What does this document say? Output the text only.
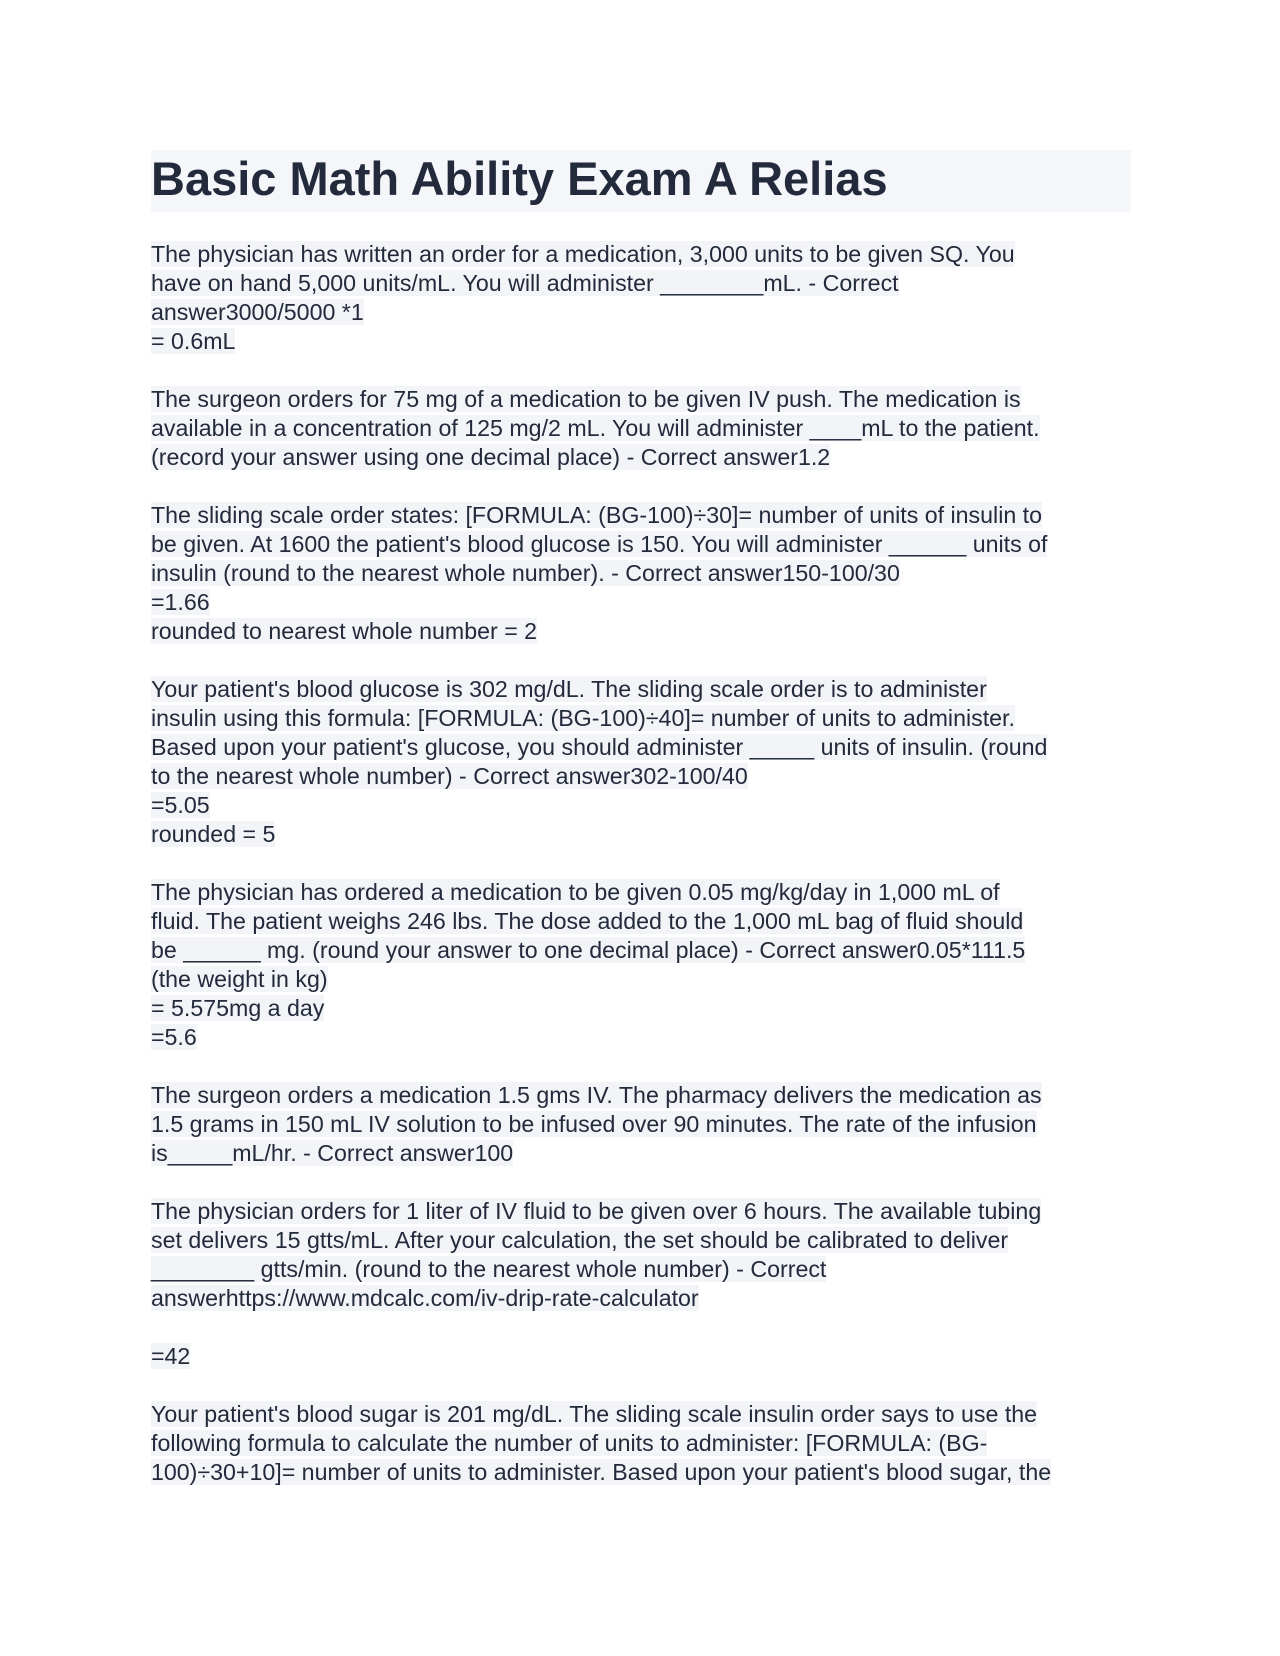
Basic Math Ability Exam A Relias
The physician has written an order for a medication, 3,000 units to be given SQ. You
have on hand 5,000 units/mL. You will administer ________mL. - Correct
answer3000/5000 *1
= 0.6mL
The surgeon orders for 75 mg of a medication to be given IV push. The medication is
available in a concentration of 125 mg/2 mL. You will administer ____mL to the patient.
(record your answer using one decimal place) - Correct answer1.2
The sliding scale order states: [FORMULA: (BG-100)÷30]= number of units of insulin to
be given. At 1600 the patient's blood glucose is 150. You will administer ______ units of
insulin (round to the nearest whole number). - Correct answer150-100/30
=1.66
rounded to nearest whole number = 2
Your patient's blood glucose is 302 mg/dL. The sliding scale order is to administer
insulin using this formula: [FORMULA: (BG-100)÷40]= number of units to administer.
Based upon your patient's glucose, you should administer _____ units of insulin. (round
to the nearest whole number) - Correct answer302-100/40
=5.05
rounded = 5
The physician has ordered a medication to be given 0.05 mg/kg/day in 1,000 mL of
fluid. The patient weighs 246 lbs. The dose added to the 1,000 mL bag of fluid should
be ______ mg. (round your answer to one decimal place) - Correct answer0.05*111.5
(the weight in kg)
= 5.575mg a day
=5.6
The surgeon orders a medication 1.5 gms IV. The pharmacy delivers the medication as
1.5 grams in 150 mL IV solution to be infused over 90 minutes. The rate of the infusion
is_____mL/hr. - Correct answer100
The physician orders for 1 liter of IV fluid to be given over 6 hours. The available tubing
set delivers 15 gtts/mL. After your calculation, the set should be calibrated to deliver
________ gtts/min. (round to the nearest whole number) - Correct
answerhttps://www.mdcalc.com/iv-drip-rate-calculator
=42
Your patient's blood sugar is 201 mg/dL. The sliding scale insulin order says to use the
following formula to calculate the number of units to administer: [FORMULA: (BG-
100)÷30+10]= number of units to administer. Based upon your patient's blood sugar, the
